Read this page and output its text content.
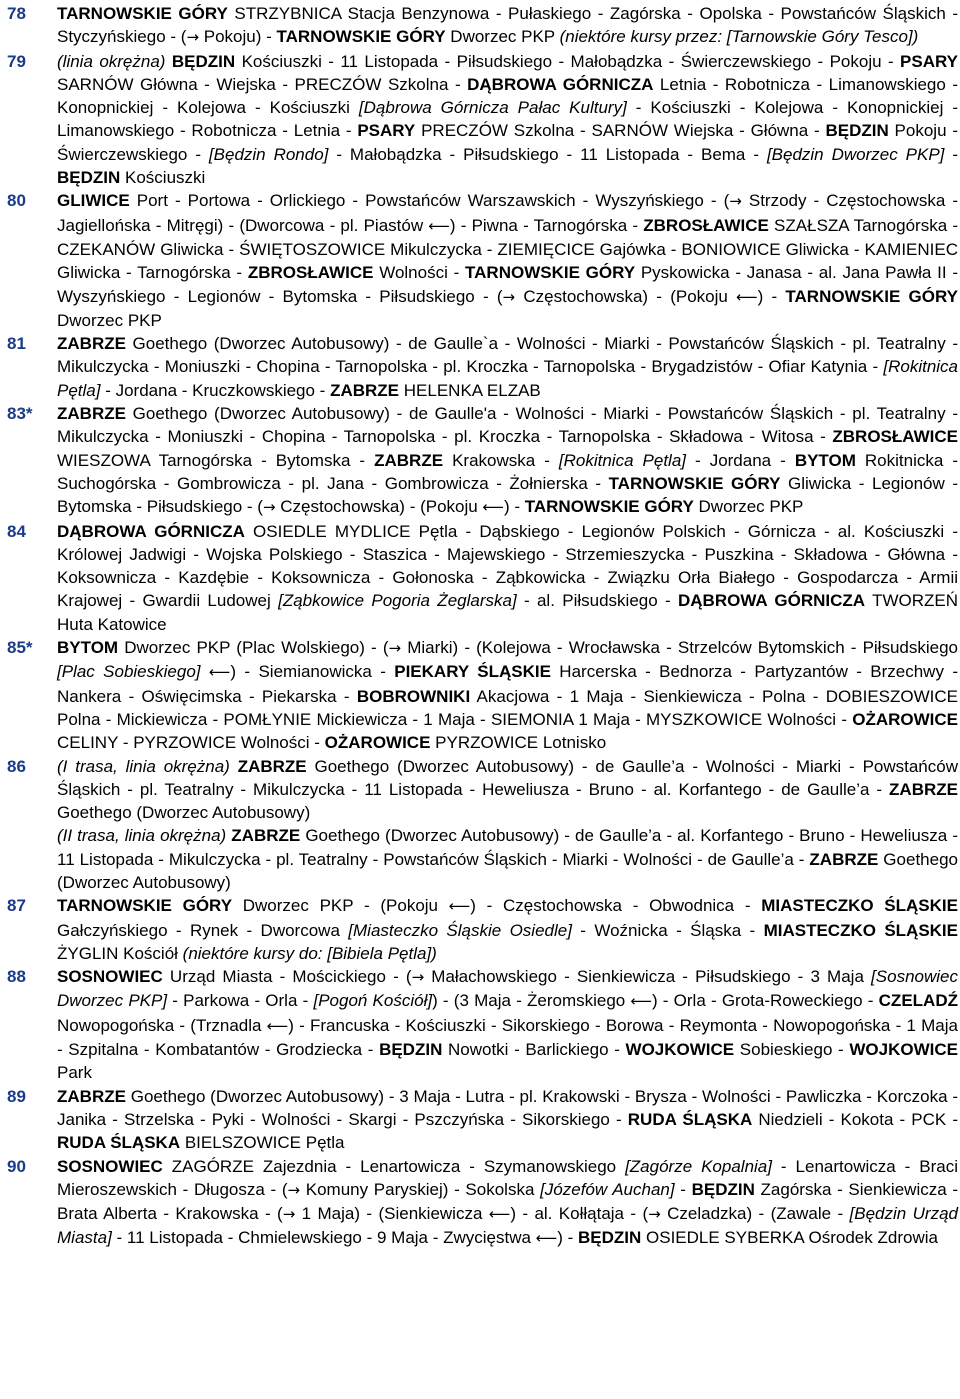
78	TARNOWSKIE GÓRY STRZYBNICA Stacja Benzynowa - Pułaskiego - Zagórska - Opolska - Powstańców Śląskich - Styczyńskiego - (→ Pokoju) - TARNOWSKIE GÓRY Dworzec PKP (niektóre kursy przez: [Tarnowskie Góry Tesco])
79	(linia okrężna) BĘDZIN Kościuszki - 11 Listopada - Piłsudskiego - Małobądzka - Świerczewskiego - Pokoju - PSARY SARNÓW Główna - Wiejska - PRECZÓW Szkolna - DĄBROWA GÓRNICZA Letnia - Robotnicza - Limanowskiego - Konopnickiej - Kolejowa - Kościuszki [Dąbrowa Górnicza Pałac Kultury] - Kościuszki - Kolejowa - Konopnickiej - Limanowskiego - Robotnicza - Letnia - PSARY PRECZÓW Szkolna - SARNÓW Wiejska - Główna - BĘDZIN Pokoju - Świerczewskiego - [Będzin Rondo] - Małobądzka - Piłsudskiego - 11 Listopada - Bema - [Będzin Dworzec PKP] - BĘDZIN Kościuszki
80	GLIWICE Port - Portowa - Orlickiego - Powstańców Warszawskich - Wyszyńskiego - (→ Strzody - Częstochowska - Jagiellońska - Mitręgi) - (Dworcowa - pl. Piastów ⟵) - Piwna - Tarnogórska - ZBROSŁAWICE SZAŁSZA Tarnogórska - CZEKANÓW Gliwicka - ŚWIĘTOSZOWICE Mikulczycka - ZIEMIĘCICE Gajówka - BONIOWICE Gliwicka - KAMIENIEC Gliwicka - Tarnogórska - ZBROSŁAWICE Wolności - TARNOWSKIE GÓRY Pyskowicka - Janasa - al. Jana Pawła II - Wyszyńskiego - Legionów - Bytomska - Piłsudskiego - (→ Częstochowska) - (Pokoju ⟵) - TARNOWSKIE GÓRY Dworzec PKP
81	ZABRZE Goethego (Dworzec Autobusowy) - de Gaulle`a - Wolności - Miarki - Powstańców Śląskich - pl. Teatralny - Mikulczycka - Moniuszki - Chopina - Tarnopolska - pl. Kroczka - Tarnopolska - Brygadzistów - Ofiar Katynia - [Rokitnica Pętla] - Jordana - Kruczkowskiego - ZABRZE HELENKA ELZAB
83*	ZABRZE Goethego (Dworzec Autobusowy) - de Gaulle'a - Wolności - Miarki - Powstańców Śląskich - pl. Teatralny - Mikulczycka - Moniuszki - Chopina - Tarnopolska - pl. Kroczka - Tarnopolska - Składowa - Witosa - ZBROSŁAWICE WIESZOWA Tarnogórska - Bytomska - ZABRZE Krakowska - [Rokitnica Pętla] - Jordana - BYTOM Rokitnicka - Suchogórska - Gombrowicza - pl. Jana - Gombrowicza - Żołnierska - TARNOWSKIE GÓRY Gliwicka - Legionów - Bytomska - Piłsudskiego - (→ Częstochowska) - (Pokoju ⟵) - TARNOWSKIE GÓRY Dworzec PKP
84	DĄBROWA GÓRNICZA OSIEDLE MYDLICE Pętla - Dąbskiego - Legionów Polskich - Górnicza - al. Kościuszki - Królowej Jadwigi - Wojska Polskiego - Staszica - Majewskiego - Strzemieszycka - Puszkina - Składowa - Główna - Koksownicza - Kazdębie - Koksownicza - Gołonoska - Ząbkowicka - Związku Orła Białego - Gospodarcza - Armii Krajowej - Gwardii Ludowej [Ząbkowice Pogoria Żeglarska] - al. Piłsudskiego - DĄBROWA GÓRNICZA TWORZEŃ Huta Katowice
85*	BYTOM Dworzec PKP (Plac Wolskiego) - (→ Miarki) - (Kolejowa - Wrocławska - Strzelców Bytomskich - Piłsudskiego [Plac Sobieskiego] ⟵) - Siemianowicka - PIEKARY ŚLĄSKIE Harcerska - Bednorza - Partyzantów - Brzechwy - Nankera - Oświęcimska - Piekarska - BOBROWNIKI Akacjowa - 1 Maja - Sienkiewicza - Polna - DOBIESZOWICE Polna - Mickiewicza - POMŁYNIE Mickiewicza - 1 Maja - SIEMONIA 1 Maja - MYSZKOWICE Wolności - OŻAROWICE CELINY - PYRZOWICE Wolności - OŻAROWICE PYRZOWICE Lotnisko
86	(I trasa, linia okrężna) ZABRZE Goethego (Dworzec Autobusowy) - de Gaulle’a - Wolności - Miarki - Powstańców Śląskich - pl. Teatralny - Mikulczycka - 11 Listopada - Heweliusza - Bruno - al. Korfantego - de Gaulle’a - ZABRZE Goethego (Dworzec Autobusowy)
(II trasa, linia okrężna) ZABRZE Goethego (Dworzec Autobusowy) - de Gaulle’a - al. Korfantego - Bruno - Heweliusza - 11 Listopada - Mikulczycka - pl. Teatralny - Powstańców Śląskich - Miarki - Wolności - de Gaulle’a - ZABRZE Goethego (Dworzec Autobusowy)
87	TARNOWSKIE GÓRY Dworzec PKP - (Pokoju ⟵) - Częstochowska - Obwodnica - MIASTECZKO ŚLĄSKIE Gałczyńskiego - Rynek - Dworcowa [Miasteczko Śląskie Osiedle] - Woźnicka - Śląska - MIASTECZKO ŚLĄSKIE ŻYGLIN Kościół (niektóre kursy do: [Bibiela Pętla])
88	SOSNOWIEC Urząd Miasta - Mościckiego - (→ Małachowskiego - Sienkiewicza - Piłsudskiego - 3 Maja [Sosnowiec Dworzec PKP] - Parkowa - Orla - [Pogoń Kościół]) - (3 Maja - Żeromskiego ⟵) - Orla - Grota-Roweckiego - CZELADŹ Nowopogońska - (Trznadla ⟵) - Francuska - Kościuszki - Sikorskiego - Borowa - Reymonta - Nowopogońska - 1 Maja - Szpitalna - Kombatantów - Grodziecka - BĘDZIN Nowotki - Barlickiego - WOJKOWICE Sobieskiego - WOJKOWICE Park
89	ZABRZE Goethego (Dworzec Autobusowy) - 3 Maja - Lutra - pl. Krakowski - Brysza - Wolności - Pawliczka - Korczoka - Janika - Strzelska - Pyki - Wolności - Skargi - Pszczyńska - Sikorskiego - RUDA ŚLĄSKA Niedzieli - Kokota - PCK - RUDA ŚLĄSKA BIELSZOWICE Pętla
90	SOSNOWIEC ZAGÓRZE Zajezdnia - Lenartowicza - Szymanowskiego [Zagórze Kopalnia] - Lenartowicza - Braci Mieroszewskich - Długosza - (→ Komuny Paryskiej) - Sokolska [Józefów Auchan] - BĘDZIN Zagórska - Sienkiewicza - Brata Alberta - Krakowska - (→ 1 Maja) - (Sienkiewicza ⟵) - al. Kołłątaja - (→ Czeladzka) - (Zawale - [Będzin Urząd Miasta] - 11 Listopada - Chmielewskiego - 9 Maja - Zwycięstwa ⟵) - BĘDZIN OSIEDLE SYBERKA Ośrodek Zdrowia
